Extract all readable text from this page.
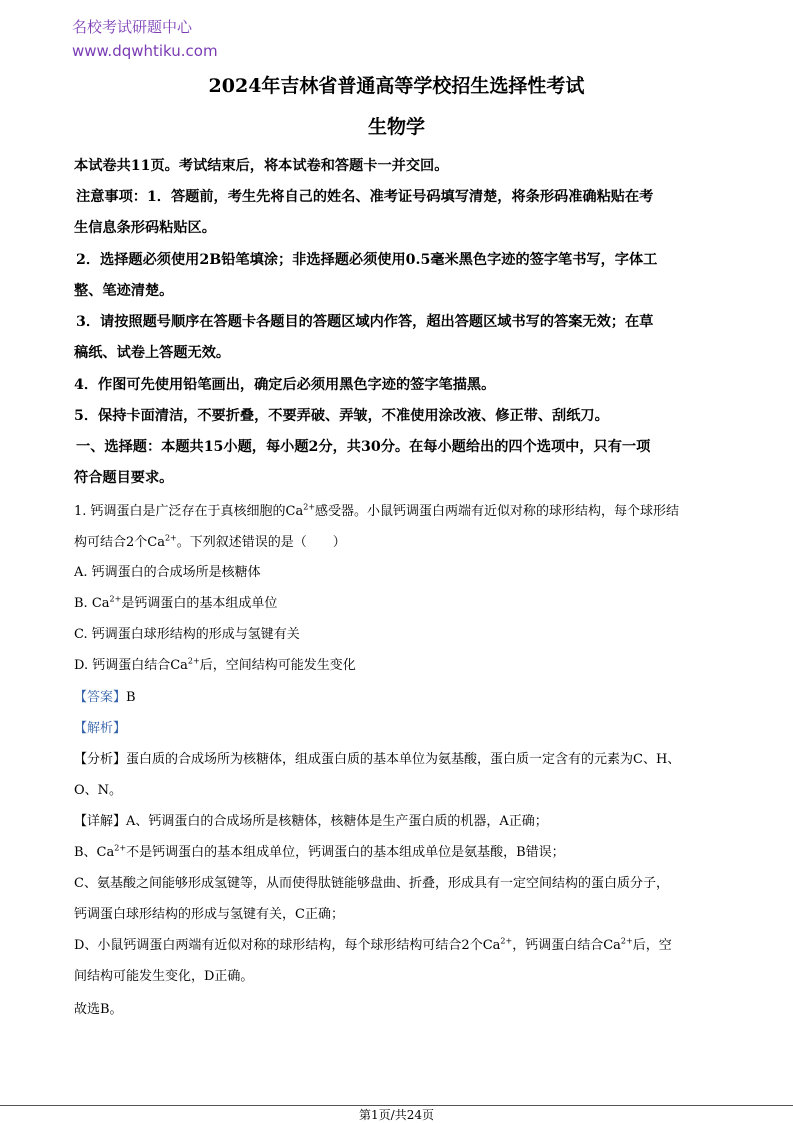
名校考试研题中心
www.dqwhtiku.com
2024年吉林省普通高等学校招生选择性考试
生物学
本试卷共11页。考试结束后，将本试卷和答题卡一并交回。
注意事项：1．答题前，考生先将自己的姓名、准考证号码填写清楚，将条形码准确粘贴在考
生信息条形码粘贴区。
2．选择题必须使用2B铅笔填涂；非选择题必须使用0.5毫米黑色字迹的签字笔书写，字体工
整、笔迹清楚。
3．请按照题号顺序在答题卡各题目的答题区域内作答，超出答题区域书写的答案无效；在草
稿纸、试卷上答题无效。
4．作图可先使用铅笔画出，确定后必须用黑色字迹的签字笔描黑。
5．保持卡面清洁，不要折叠，不要弄破、弄皱，不准使用涂改液、修正带、刮纸刀。
一、选择题：本题共15小题，每小题2分，共30分。在每小题给出的四个选项中，只有一项
符合题目要求。
1. 钙调蛋白是广泛存在于真核细胞的$Ca^{2+}$感受器。小鼠钙调蛋白两端有近似对称的球形结构，每个球形结
构可结合2个$Ca^{2+}$。下列叙述错误的是（　　）
A. 钙调蛋白的合成场所是核糖体
B. $Ca^{2+}$是钙调蛋白的基本组成单位
C. 钙调蛋白球形结构的形成与氢键有关
D. 钙调蛋白结合$Ca^{2+}$后，空间结构可能发生变化
【答案】B
【解析】
【分析】蛋白质的合成场所为核糖体，组成蛋白质的基本单位为氨基酸，蛋白质一定含有的元素为C、H、
O、N。
【详解】A、钙调蛋白的合成场所是核糖体，核糖体是生产蛋白质的机器，A正确；
B、$Ca^{2+}$不是钙调蛋白的基本组成单位，钙调蛋白的基本组成单位是氨基酸，B错误；
C、氨基酸之间能够形成氢键等，从而使得肽链能够盘曲、折叠，形成具有一定空间结构的蛋白质分子，
钙调蛋白球形结构的形成与氢键有关，C正确；
D、小鼠钙调蛋白两端有近似对称的球形结构，每个球形结构可结合2个$Ca^{2+}$，钙调蛋白结合$Ca^{2+}$后，空
间结构可能发生变化，D正确。
故选B。
第1页/共24页
